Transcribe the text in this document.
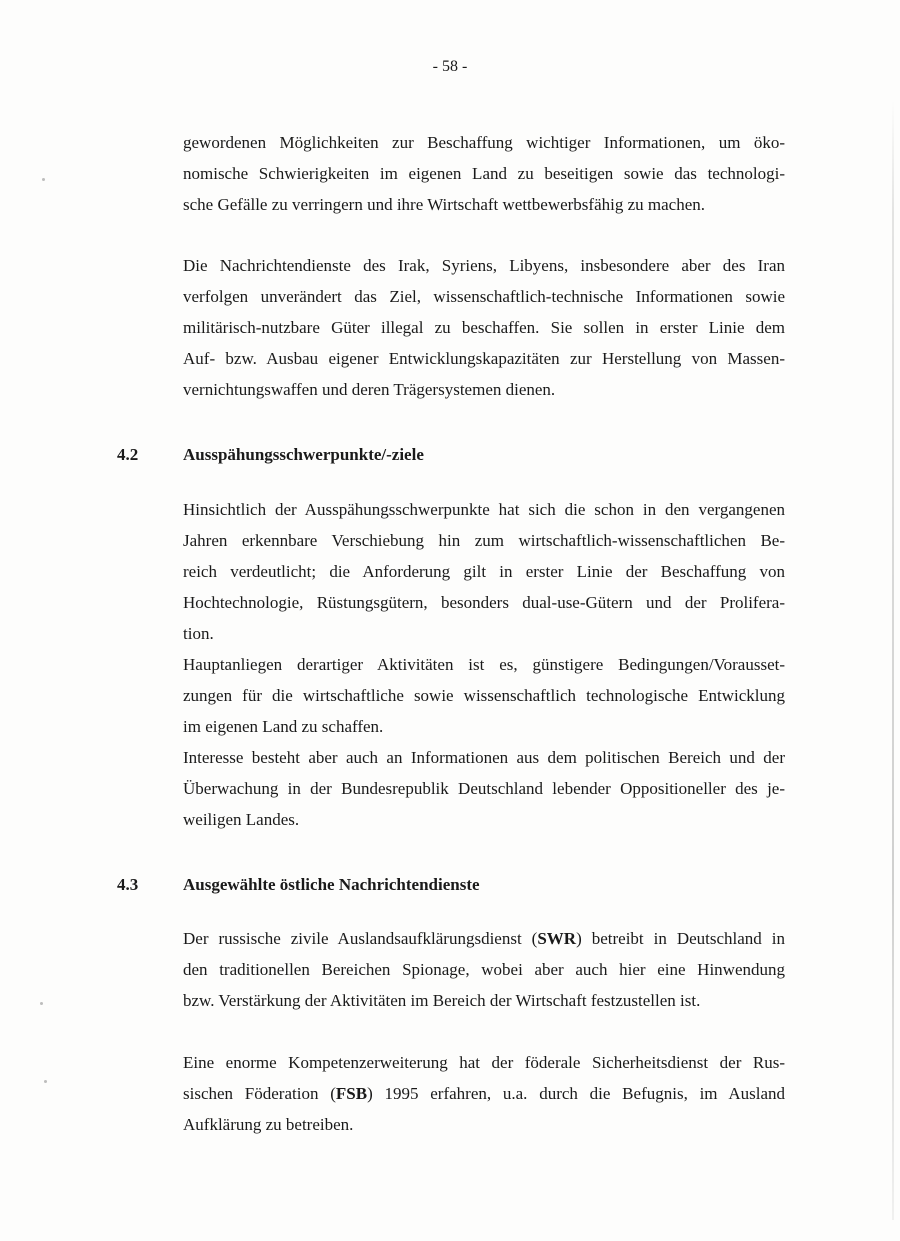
- 58 -

gewordenen Möglichkeiten zur Beschaffung wichtiger Informationen, um öko-
nomische Schwierigkeiten im eigenen Land zu beseitigen sowie das technologi-
sche Gefälle zu verringern und ihre Wirtschaft wettbewerbsfähig zu machen.

Die Nachrichtendienste des Irak, Syriens, Libyens, insbesondere aber des Iran
verfolgen unverändert das Ziel, wissenschaftlich-technische Informationen sowie
militärisch-nutzbare Güter illegal zu beschaffen. Sie sollen in erster Linie dem
Auf- bzw. Ausbau eigener Entwicklungskapazitäten zur Herstellung von Massen-
vernichtungswaffen und deren Trägersystemen dienen.

4.2	Ausspähungsschwerpunkte/-ziele

Hinsichtlich der Ausspähungsschwerpunkte hat sich die schon in den vergangenen
Jahren erkennbare Verschiebung hin zum wirtschaftlich-wissenschaftlichen Be-
reich verdeutlicht; die Anforderung gilt in erster Linie der Beschaffung von
Hochtechnologie, Rüstungsgütern, besonders dual-use-Gütern und der Prolifera-
tion.

Hauptanliegen derartiger Aktivitäten ist es, günstigere Bedingungen/Vorausset-
zungen für die wirtschaftliche sowie wissenschaftlich technologische Entwicklung
im eigenen Land zu schaffen.

Interesse besteht aber auch an Informationen aus dem politischen Bereich und der
Überwachung in der Bundesrepublik Deutschland lebender Oppositioneller des je-
weiligen Landes.

4.3	Ausgewählte östliche Nachrichtendienste

Der russische zivile Auslandsaufklärungsdienst (SWR) betreibt in Deutschland in
den traditionellen Bereichen Spionage, wobei aber auch hier eine Hinwendung
bzw. Verstärkung der Aktivitäten im Bereich der Wirtschaft festzustellen ist.

Eine enorme Kompetenzerweiterung hat der föderale Sicherheitsdienst der Rus-
sischen Föderation (FSB) 1995 erfahren, u.a. durch die Befugnis, im Ausland
Aufklärung zu betreiben.
